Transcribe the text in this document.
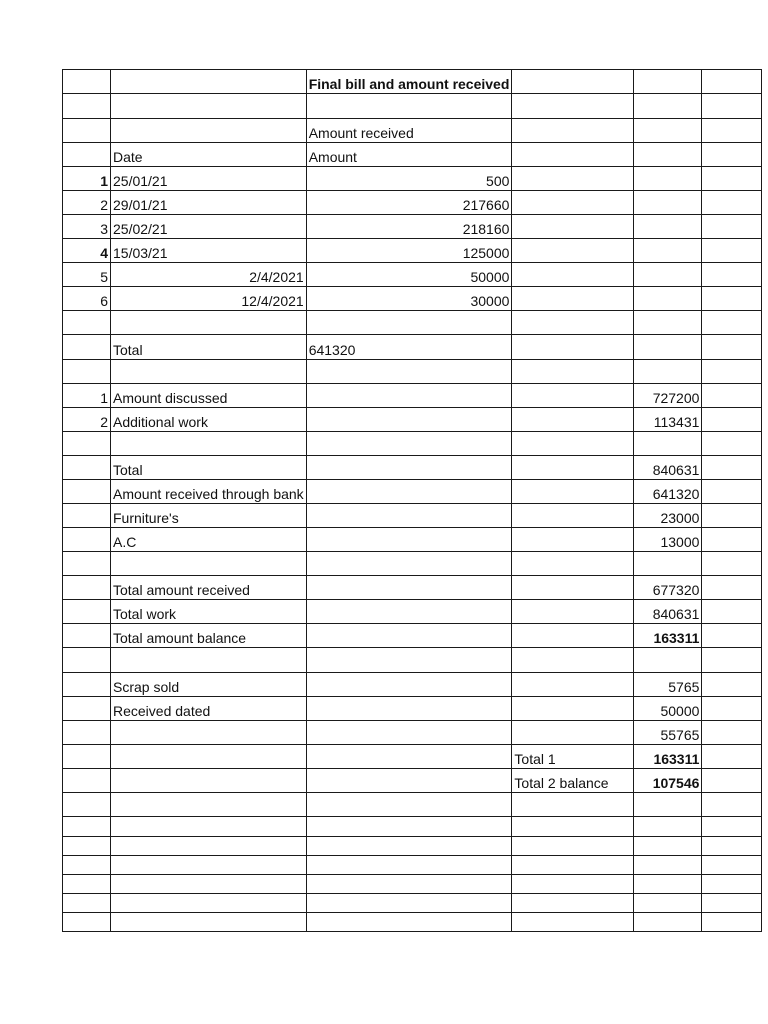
		Final bill and amount received			

		Amount received			
	Date	Amount			
1	25/01/21	500			
2	29/01/21	217660			
3	25/02/21	218160			
4	15/03/21	125000			
5	2/4/2021	50000			
6	12/4/2021	30000			

	Total	641320			

1	Amount discussed			727200	
2	Additional work			113431	

	Total			840631	
	Amount received through bank			641320	
	Furniture's			23000	
	A.C			13000	

	Total amount received			677320	
	Total work			840631	
	Total amount balance			163311	

	Scrap sold			5765	
	Received dated			50000	
				55765	
			Total 1	163311	
			Total 2 balance	107546	
